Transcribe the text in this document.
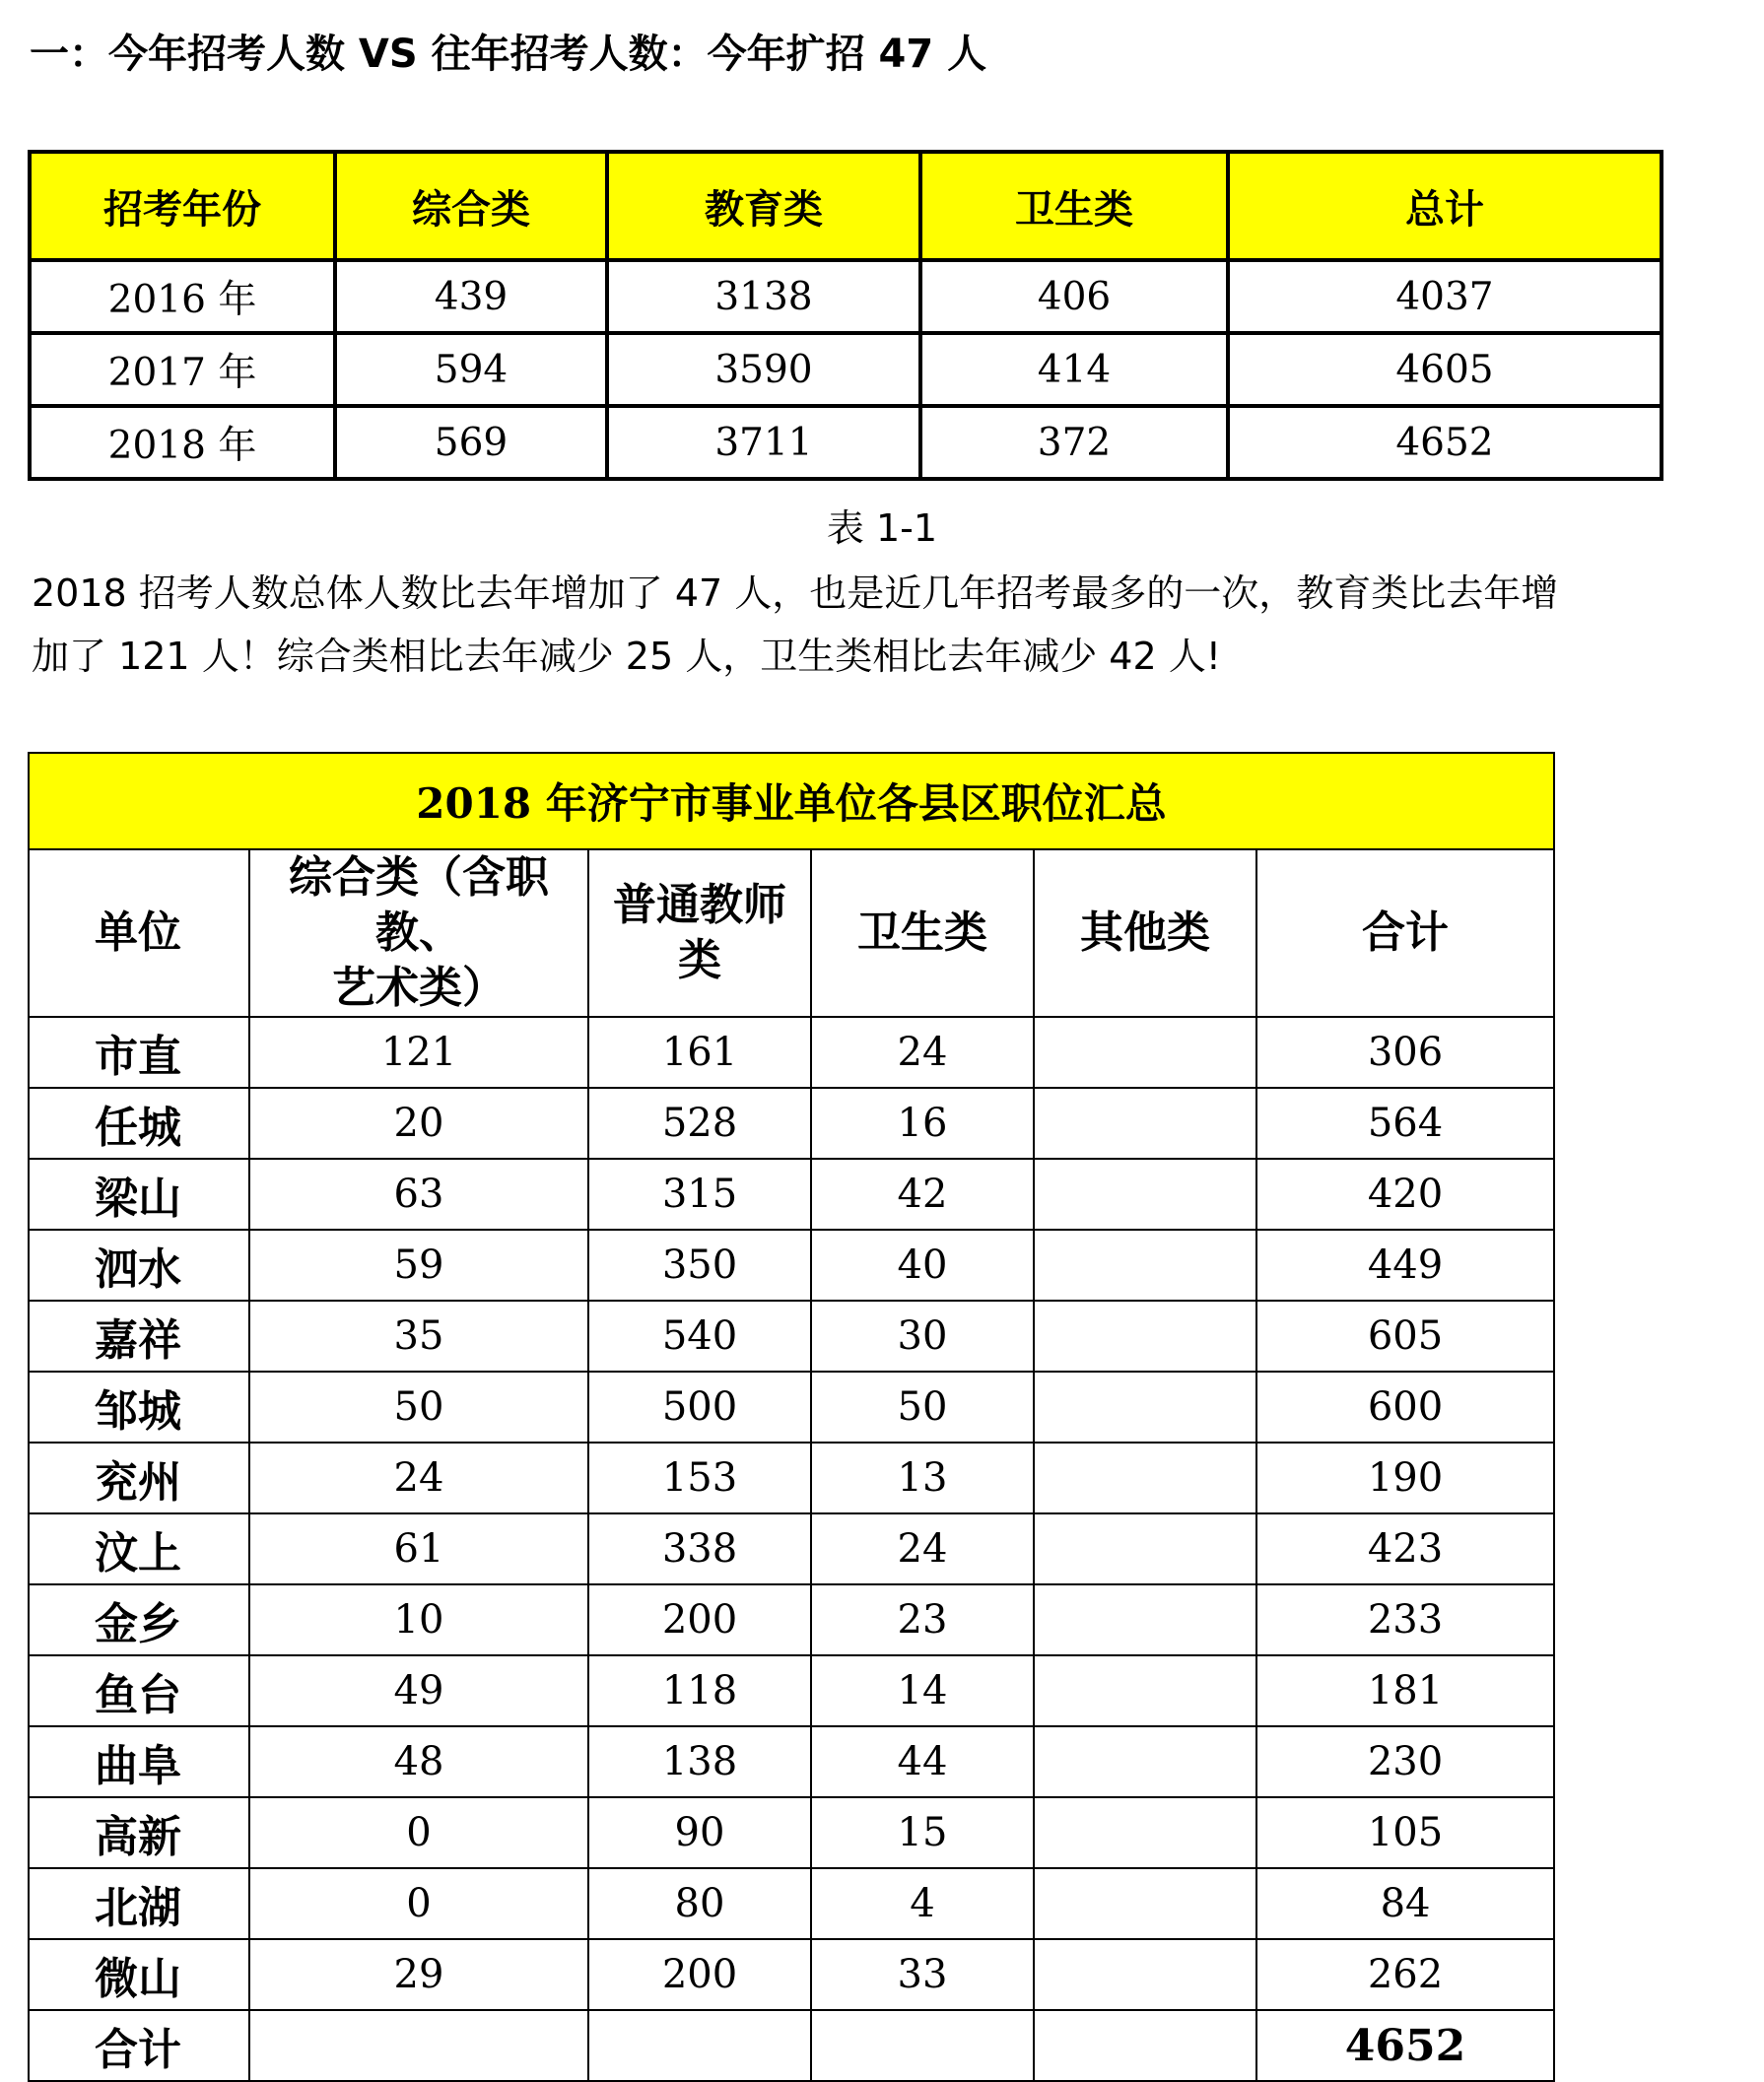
一：今年招考人数 VS 往年招考人数：今年扩招 47 人
招考年份	综合类	教育类	卫生类	总计
2016 年	439	3138	406	4037
2017 年	594	3590	414	4605
2018 年	569	3711	372	4652
表 1-1

2018 招考人数总体人数比去年增加了 47 人，也是近几年招考最多的一次，教育类比去年增

加了 121 人！综合类相比去年减少 25 人，卫生类相比去年减少 42 人!

2018 年济宁市事业单位各县区职位汇总					
单位	综合类（含职教、
艺术类）	普通教师
类	卫生类	其他类	合计
市直	121	161	24		306
任城	20	528	16		564
梁山	63	315	42		420
泗水	59	350	40		449
嘉祥	35	540	30		605
邹城	50	500	50		600
兖州	24	153	13		190
汶上	61	338	24		423
金乡	10	200	23		233
鱼台	49	118	14		181
曲阜	48	138	44		230
高新	0	90	15		105
北湖	0	80	4		84
微山	29	200	33		262
合计					4652
